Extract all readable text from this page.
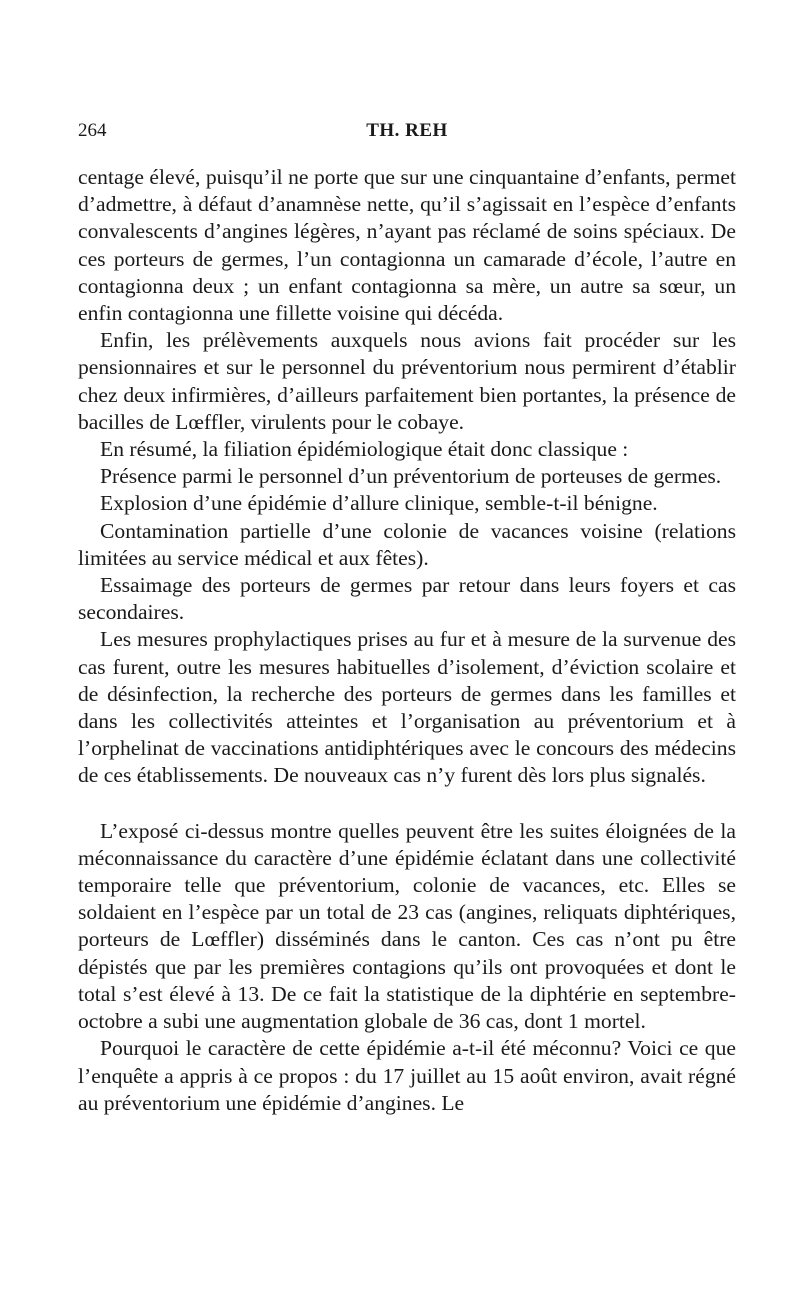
264	TH. REH

centage élevé, puisqu’il ne porte que sur une cinquantaine d’enfants, permet d’admettre, à défaut d’anamnèse nette, qu’il s’agissait en l’espèce d’enfants convalescents d’angines légères, n’ayant pas réclamé de soins spéciaux. De ces porteurs de germes, l’un contagionna un camarade d’école, l’autre en contagionna deux ; un enfant contagionna sa mère, un autre sa sœur, un enfin contagionna une fillette voisine qui décéda.

Enfin, les prélèvements auxquels nous avions fait procéder sur les pensionnaires et sur le personnel du préventorium nous permirent d’établir chez deux infirmières, d’ailleurs parfaitement bien portantes, la présence de bacilles de Lœffler, virulents pour le cobaye.

En résumé, la filiation épidémiologique était donc classique :

Présence parmi le personnel d’un préventorium de porteuses de germes.

Explosion d’une épidémie d’allure clinique, semble-t-il bénigne.

Contamination partielle d’une colonie de vacances voisine (relations limitées au service médical et aux fêtes).

Essaimage des porteurs de germes par retour dans leurs foyers et cas secondaires.

Les mesures prophylactiques prises au fur et à mesure de la survenue des cas furent, outre les mesures habituelles d’isolement, d’éviction scolaire et de désinfection, la recherche des porteurs de germes dans les familles et dans les collectivités atteintes et l’organisation au préventorium et à l’orphelinat de vaccinations antidiphtériques avec le concours des médecins de ces établissements. De nouveaux cas n’y furent dès lors plus signalés.

L’exposé ci-dessus montre quelles peuvent être les suites éloignées de la méconnaissance du caractère d’une épidémie éclatant dans une collectivité temporaire telle que préventorium, colonie de vacances, etc. Elles se soldaient en l’espèce par un total de 23 cas (angines, reliquats diphtériques, porteurs de Lœffler) disséminés dans le canton. Ces cas n’ont pu être dépistés que par les premières contagions qu’ils ont provoquées et dont le total s’est élevé à 13. De ce fait la statistique de la diphtérie en septembre-octobre a subi une augmentation globale de 36 cas, dont 1 mortel.

Pourquoi le caractère de cette épidémie a-t-il été méconnu? Voici ce que l’enquête a appris à ce propos : du 17 juillet au 15 août environ, avait régné au préventorium une épidémie d’angines. Le
